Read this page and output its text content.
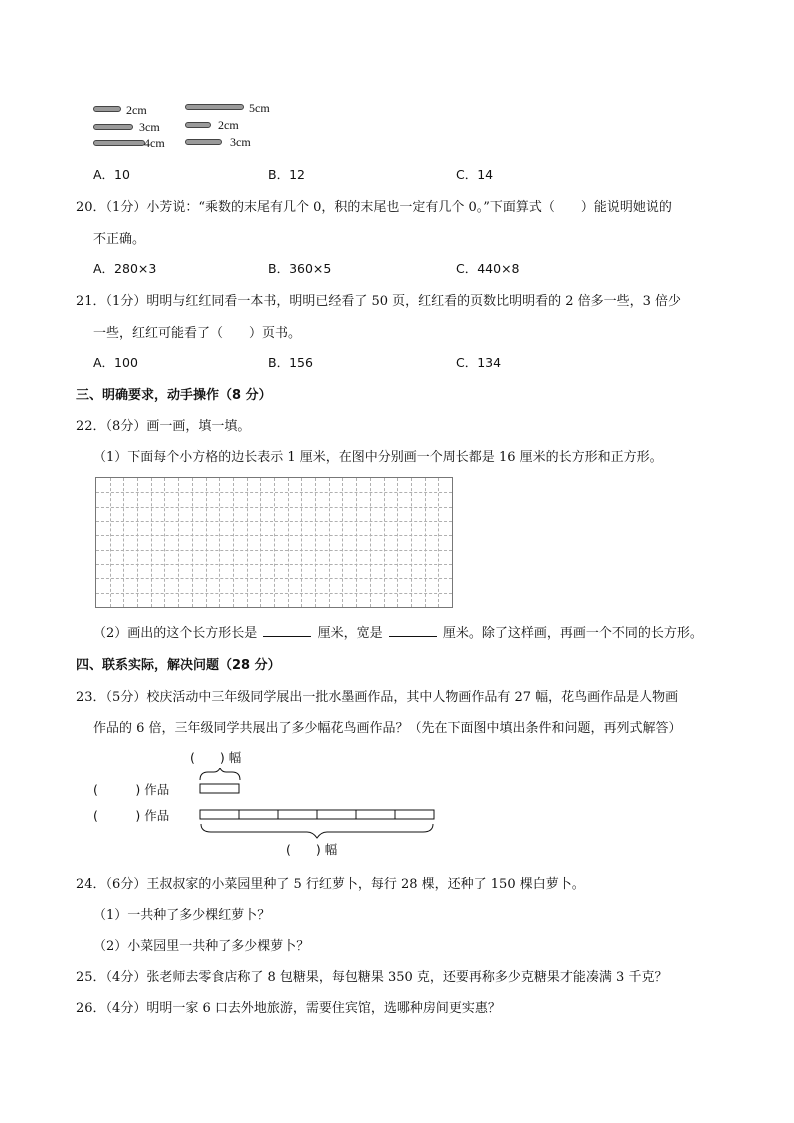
2cm
3cm
4cm
5cm
2cm
3cm
A．10	B．12	C．14
20．（1分）小芳说：“乘数的末尾有几个 0，积的末尾也一定有几个 0。”下面算式（　　）能说明她说的
不正确。
A．280×3	B．360×5	C．440×8
21．（1分）明明与红红同看一本书，明明已经看了 50 页，红红看的页数比明明看的 2 倍多一些，3 倍少
一些，红红可能看了（　　）页书。
A．100	B．156	C．134
三、明确要求，动手操作（8 分）
22．（8分）画一画，填一填。
（1）下面每个小方格的边长表示 1 厘米，在图中分别画一个周长都是 16 厘米的长方形和正方形。
（2）画出的这个长方形长是	厘米，宽是	厘米。除了这样画，再画一个不同的长方形。
四、联系实际，解决问题（28 分）
23．（5分）校庆活动中三年级同学展出一批水墨画作品，其中人物画作品有 27 幅，花鸟画作品是人物画
作品的 6 倍，三年级同学共展出了多少幅花鸟画作品？（先在下面图中填出条件和问题，再列式解答）
(　　) 幅
(　　　) 作品
(　　　) 作品
(　　) 幅
24．（6分）王叔叔家的小菜园里种了 5 行红萝卜，每行 28 棵，还种了 150 棵白萝卜。
（1）一共种了多少棵红萝卜？
（2）小菜园里一共种了多少棵萝卜？
25．（4分）张老师去零食店称了 8 包糖果，每包糖果 350 克，还要再称多少克糖果才能凑满 3 千克？
26．（4分）明明一家 6 口去外地旅游，需要住宾馆，选哪种房间更实惠？
